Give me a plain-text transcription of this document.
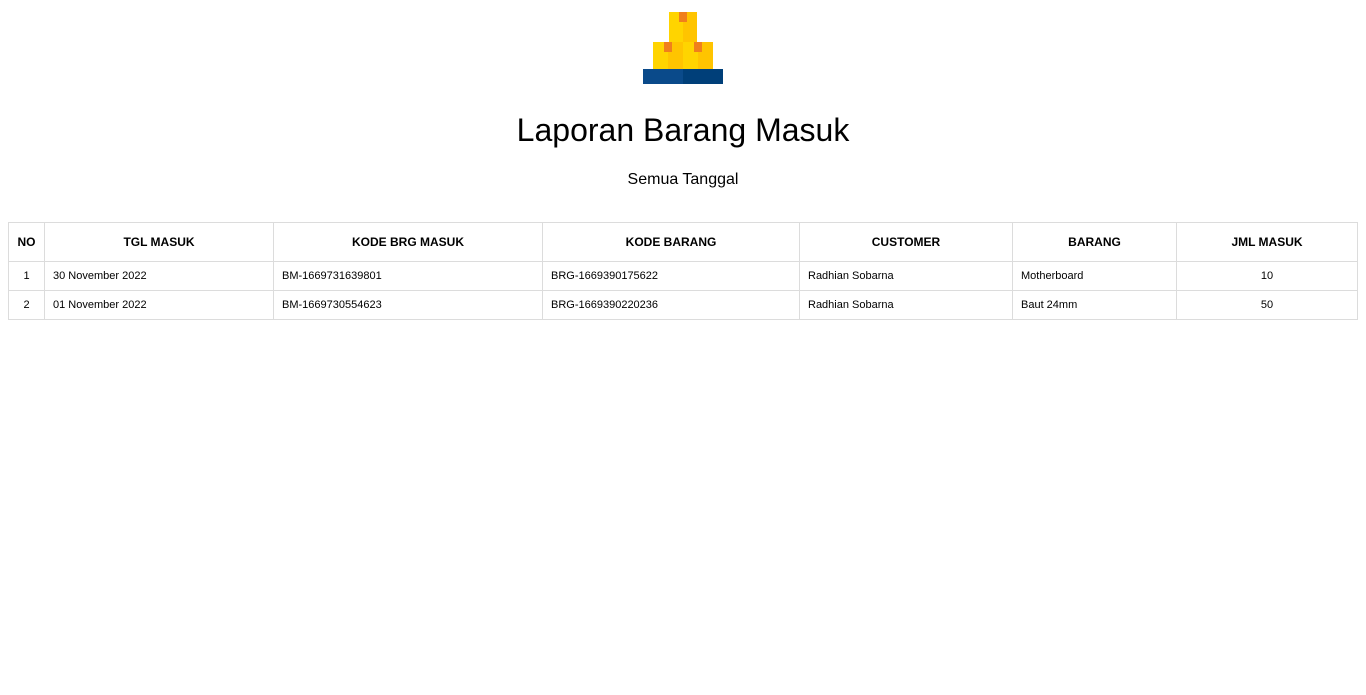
Laporan Barang Masuk

Semua Tanggal

NO	TGL MASUK	KODE BRG MASUK	KODE BARANG	CUSTOMER	BARANG	JML MASUK
1	30 November 2022	BM-1669731639801	BRG-1669390175622	Radhian Sobarna	Motherboard	10
2	01 November 2022	BM-1669730554623	BRG-1669390220236	Radhian Sobarna	Baut 24mm	50
